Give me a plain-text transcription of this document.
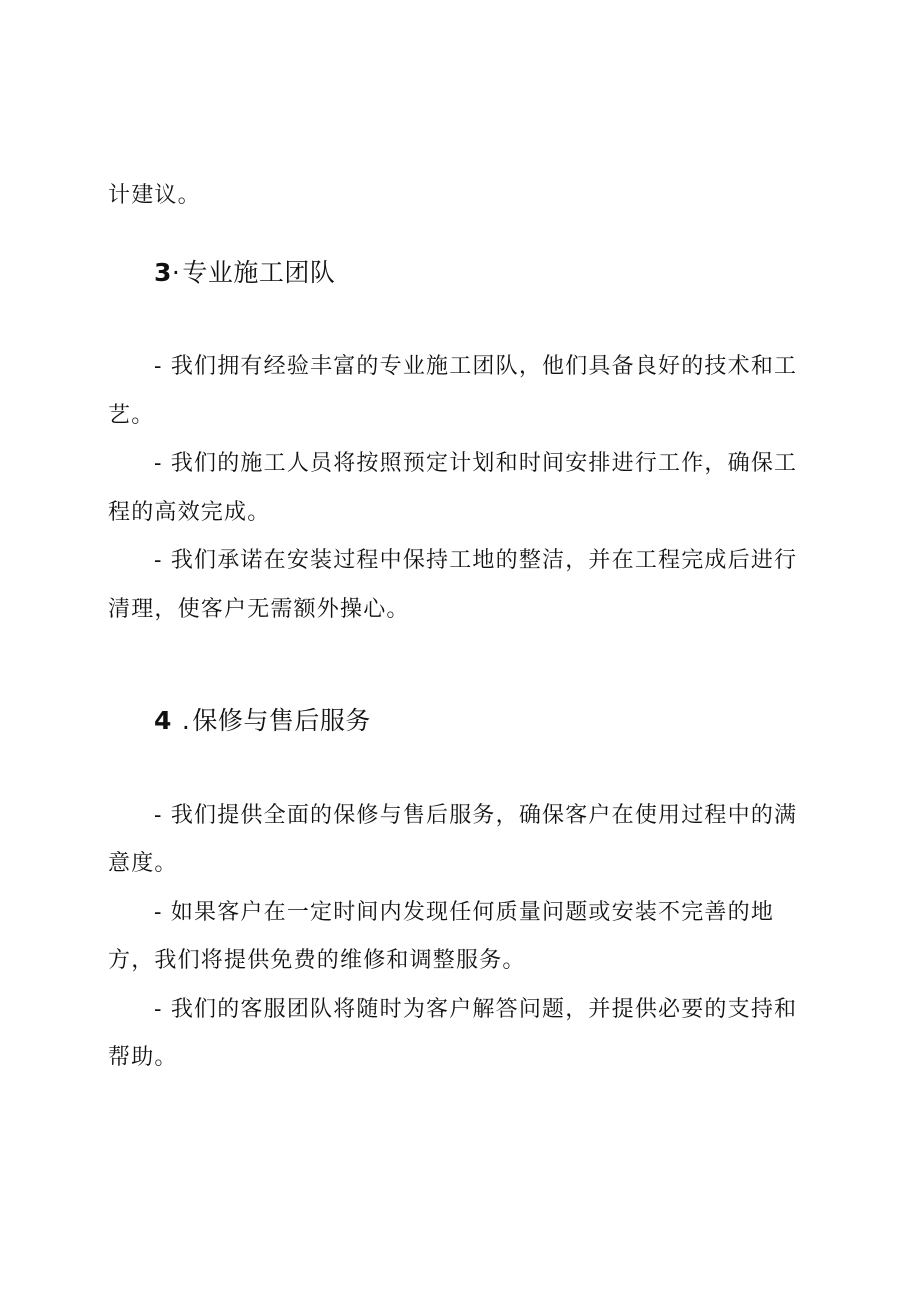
计建议。
3·专业施工团队
- 我们拥有经验丰富的专业施工团队，他们具备良好的技术和工
艺。
- 我们的施工人员将按照预定计划和时间安排进行工作，确保工
程的高效完成。
- 我们承诺在安装过程中保持工地的整洁，并在工程完成后进行
清理，使客户无需额外操心。
4 .保修与售后服务
- 我们提供全面的保修与售后服务，确保客户在使用过程中的满
意度。
- 如果客户在一定时间内发现任何质量问题或安装不完善的地
方，我们将提供免费的维修和调整服务。
- 我们的客服团队将随时为客户解答问题，并提供必要的支持和
帮助。
